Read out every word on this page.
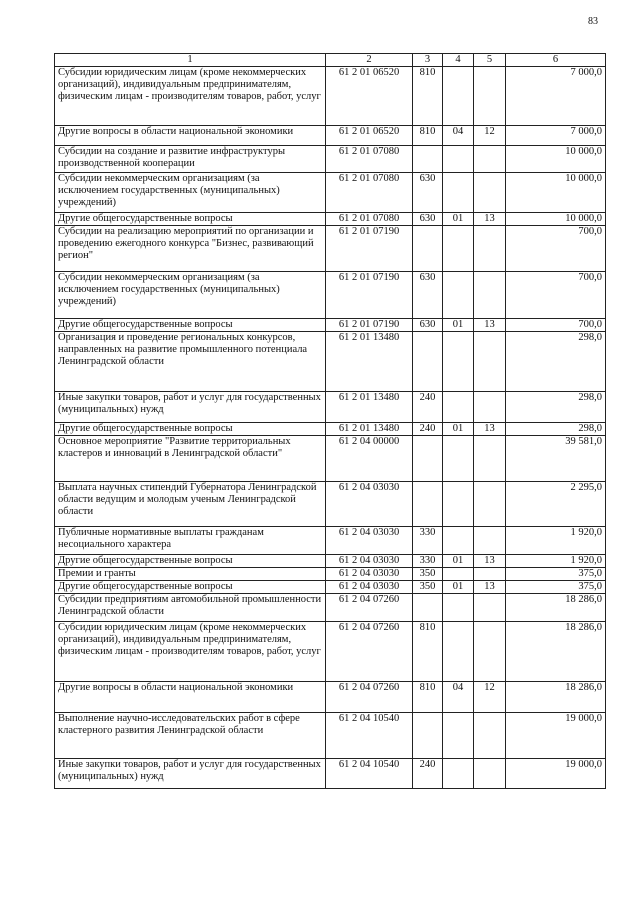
83
1	2	3	4	5	6
Субсидии юридическим лицам (кроме некоммерческих организаций), индивидуальным предпринимателям, физическим лицам - производителям товаров, работ, услуг	61 2 01 06520	810			7 000,0
Другие вопросы в области национальной экономики	61 2 01 06520	810	04	12	7 000,0
Субсидии на создание и развитие инфраструктуры производственной кооперации	61 2 01 07080				10 000,0
Субсидии некоммерческим организациям (за исключением государственных (муниципальных) учреждений)	61 2 01 07080	630			10 000,0
Другие общегосударственные вопросы	61 2 01 07080	630	01	13	10 000,0
Субсидии на реализацию мероприятий по организации и проведению ежегодного конкурса "Бизнес, развивающий регион"	61 2 01 07190				700,0
Субсидии некоммерческим организациям (за исключением государственных (муниципальных) учреждений)	61 2 01 07190	630			700,0
Другие общегосударственные вопросы	61 2 01 07190	630	01	13	700,0
Организация и проведение региональных конкурсов, направленных на развитие промышленного потенциала Ленинградской области	61 2 01 13480				298,0
Иные закупки товаров, работ и услуг для государственных (муниципальных) нужд	61 2 01 13480	240			298,0
Другие общегосударственные вопросы	61 2 01 13480	240	01	13	298,0
Основное мероприятие "Развитие территориальных кластеров и инноваций в Ленинградской области"	61 2 04 00000				39 581,0
Выплата научных стипендий Губернатора Ленинградской области ведущим и молодым ученым Ленинградской области	61 2 04 03030				2 295,0
Публичные нормативные выплаты гражданам несоциального характера	61 2 04 03030	330			1 920,0
Другие общегосударственные вопросы	61 2 04 03030	330	01	13	1 920,0
Премии и гранты	61 2 04 03030	350			375,0
Другие общегосударственные вопросы	61 2 04 03030	350	01	13	375,0
Субсидии предприятиям автомобильной промышленности Ленинградской области	61 2 04 07260				18 286,0
Субсидии юридическим лицам (кроме некоммерческих организаций), индивидуальным предпринимателям, физическим лицам - производителям товаров, работ, услуг	61 2 04 07260	810			18 286,0
Другие вопросы в области национальной экономики	61 2 04 07260	810	04	12	18 286,0
Выполнение научно-исследовательских работ в сфере кластерного развития Ленинградской области	61 2 04 10540				19 000,0
Иные закупки товаров, работ и услуг для государственных (муниципальных) нужд	61 2 04 10540	240			19 000,0
